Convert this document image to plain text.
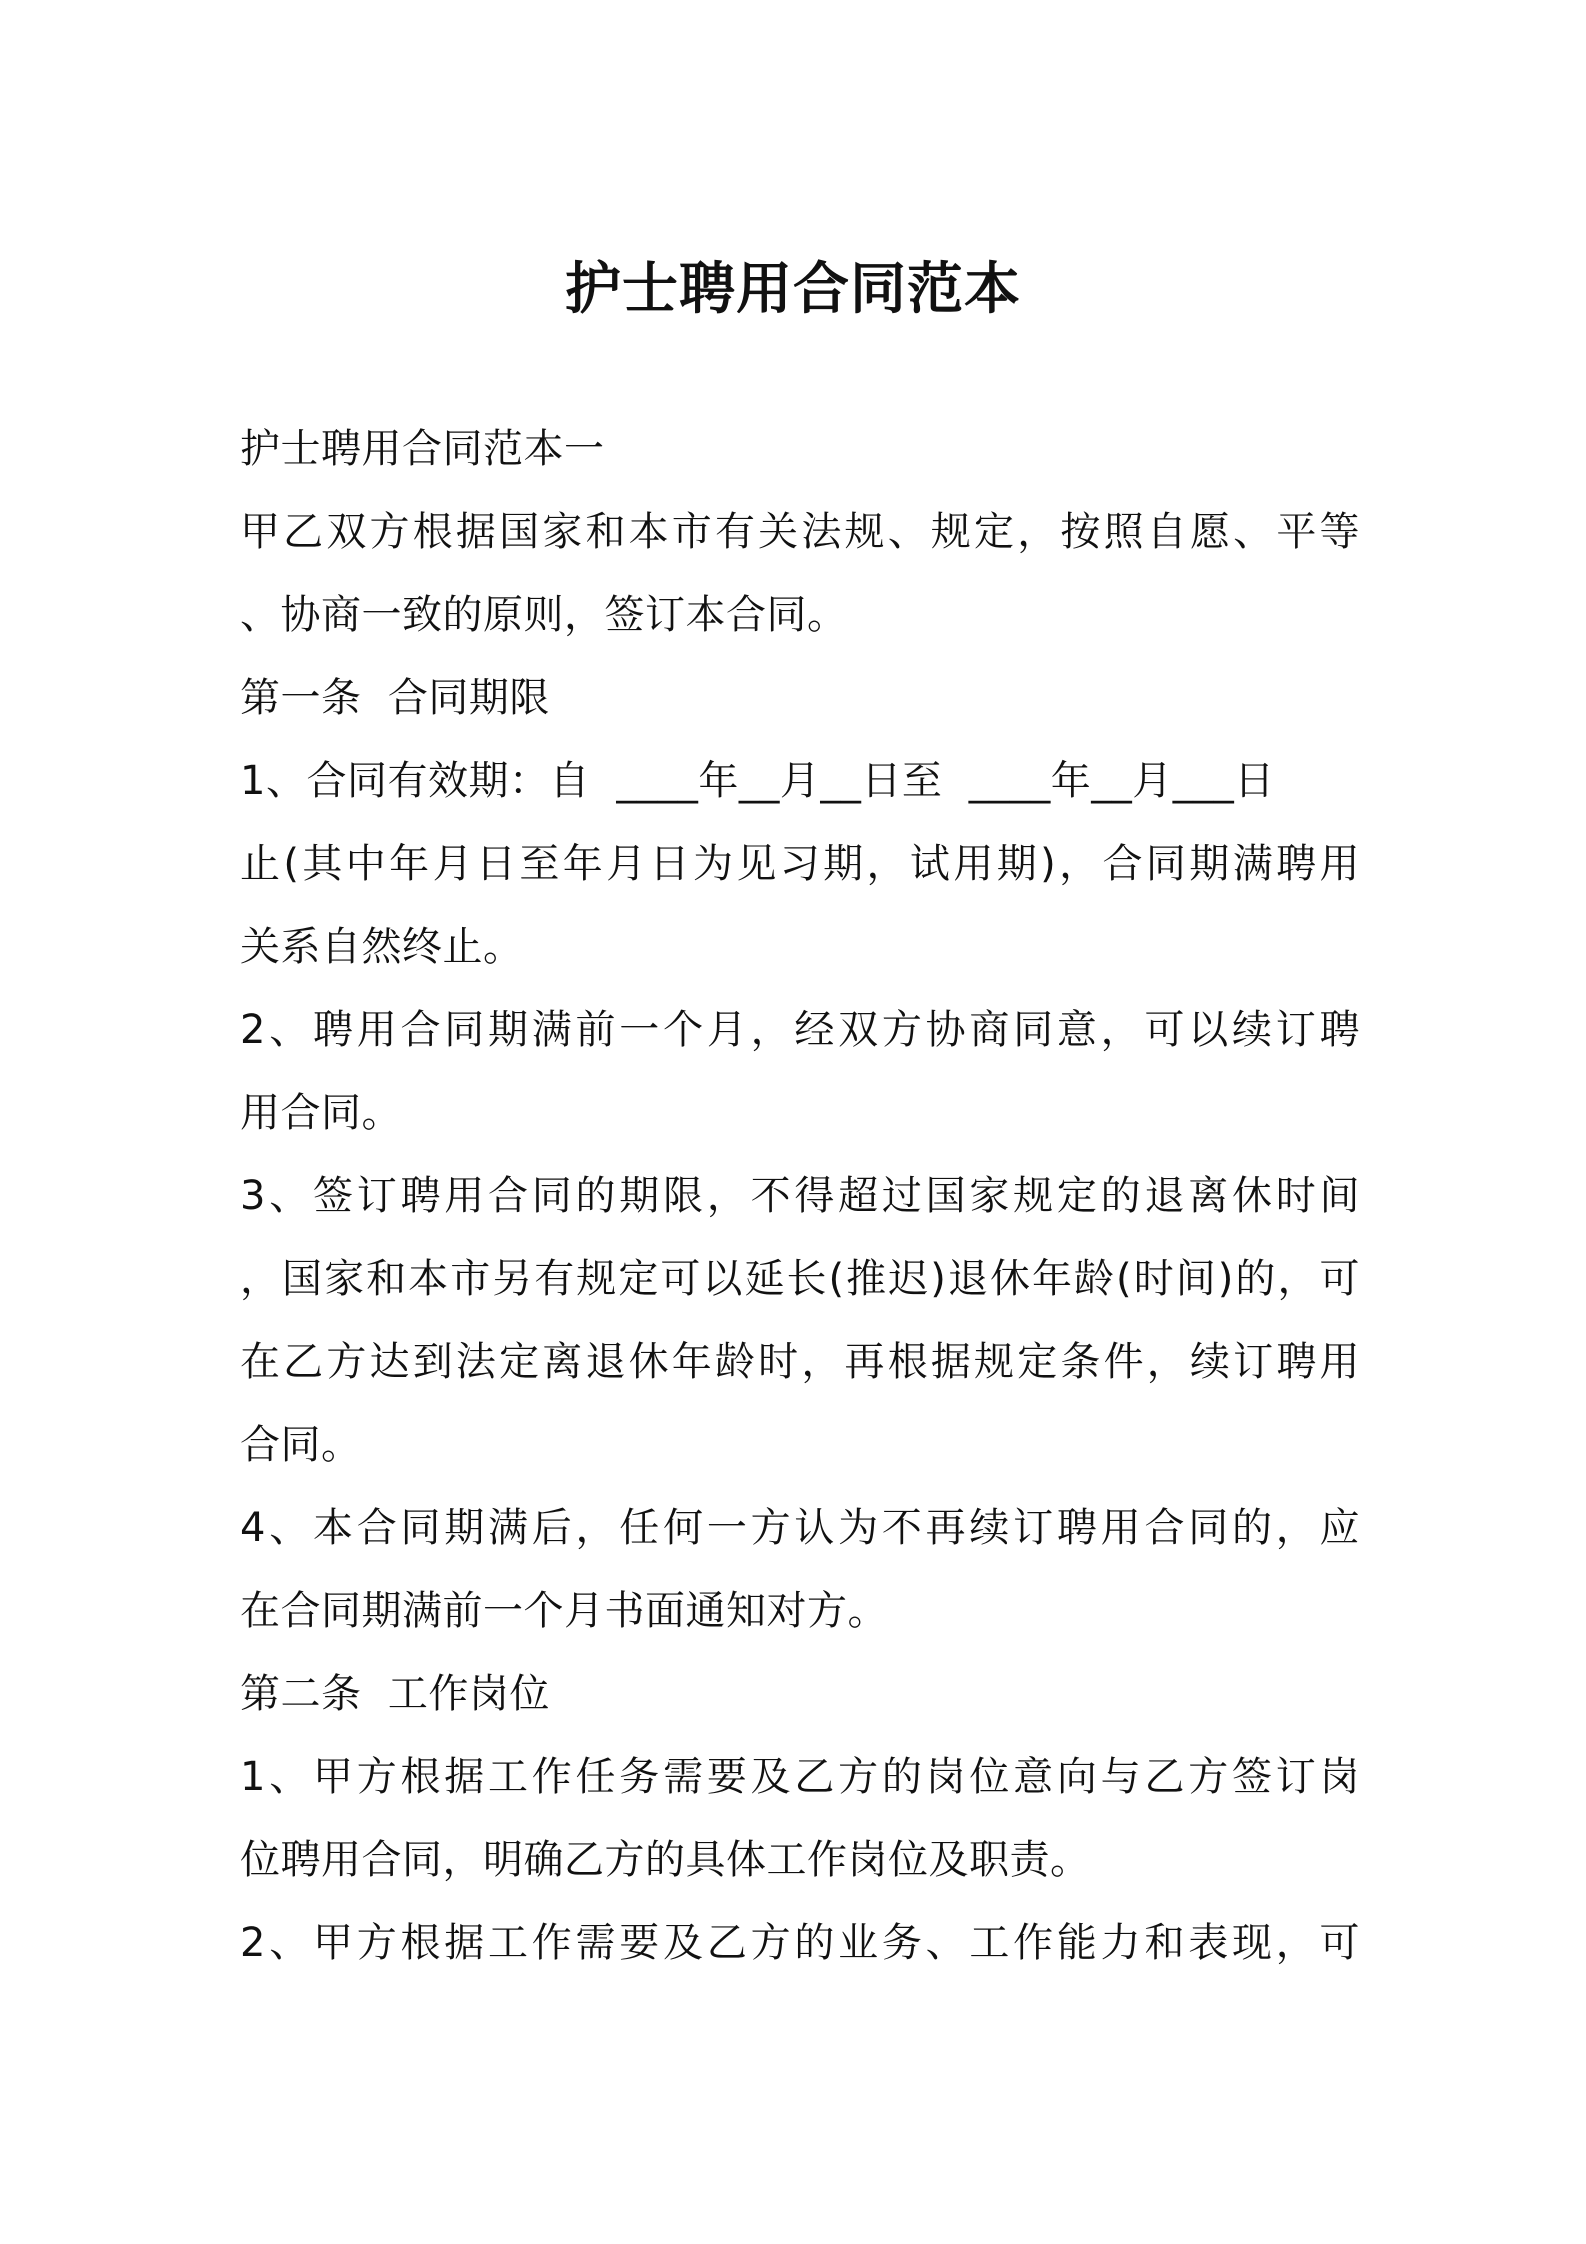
护士聘用合同范本
护士聘用合同范本一
甲乙双方根据国家和本市有关法规、规定，按照自愿、平等
、协商一致的原则，签订本合同。
第一条  合同期限
1、合同有效期：自  ____年__月__日至  ____年__月___日
止(其中年月日至年月日为见习期，试用期)，合同期满聘用
关系自然终止。
2、聘用合同期满前一个月，经双方协商同意，可以续订聘
用合同。
3、签订聘用合同的期限，不得超过国家规定的退离休时间
，国家和本市另有规定可以延长(推迟)退休年龄(时间)的，可
在乙方达到法定离退休年龄时，再根据规定条件，续订聘用
合同。
4、本合同期满后，任何一方认为不再续订聘用合同的，应
在合同期满前一个月书面通知对方。
第二条  工作岗位
1、甲方根据工作任务需要及乙方的岗位意向与乙方签订岗
位聘用合同，明确乙方的具体工作岗位及职责。
2、甲方根据工作需要及乙方的业务、工作能力和表现，可
